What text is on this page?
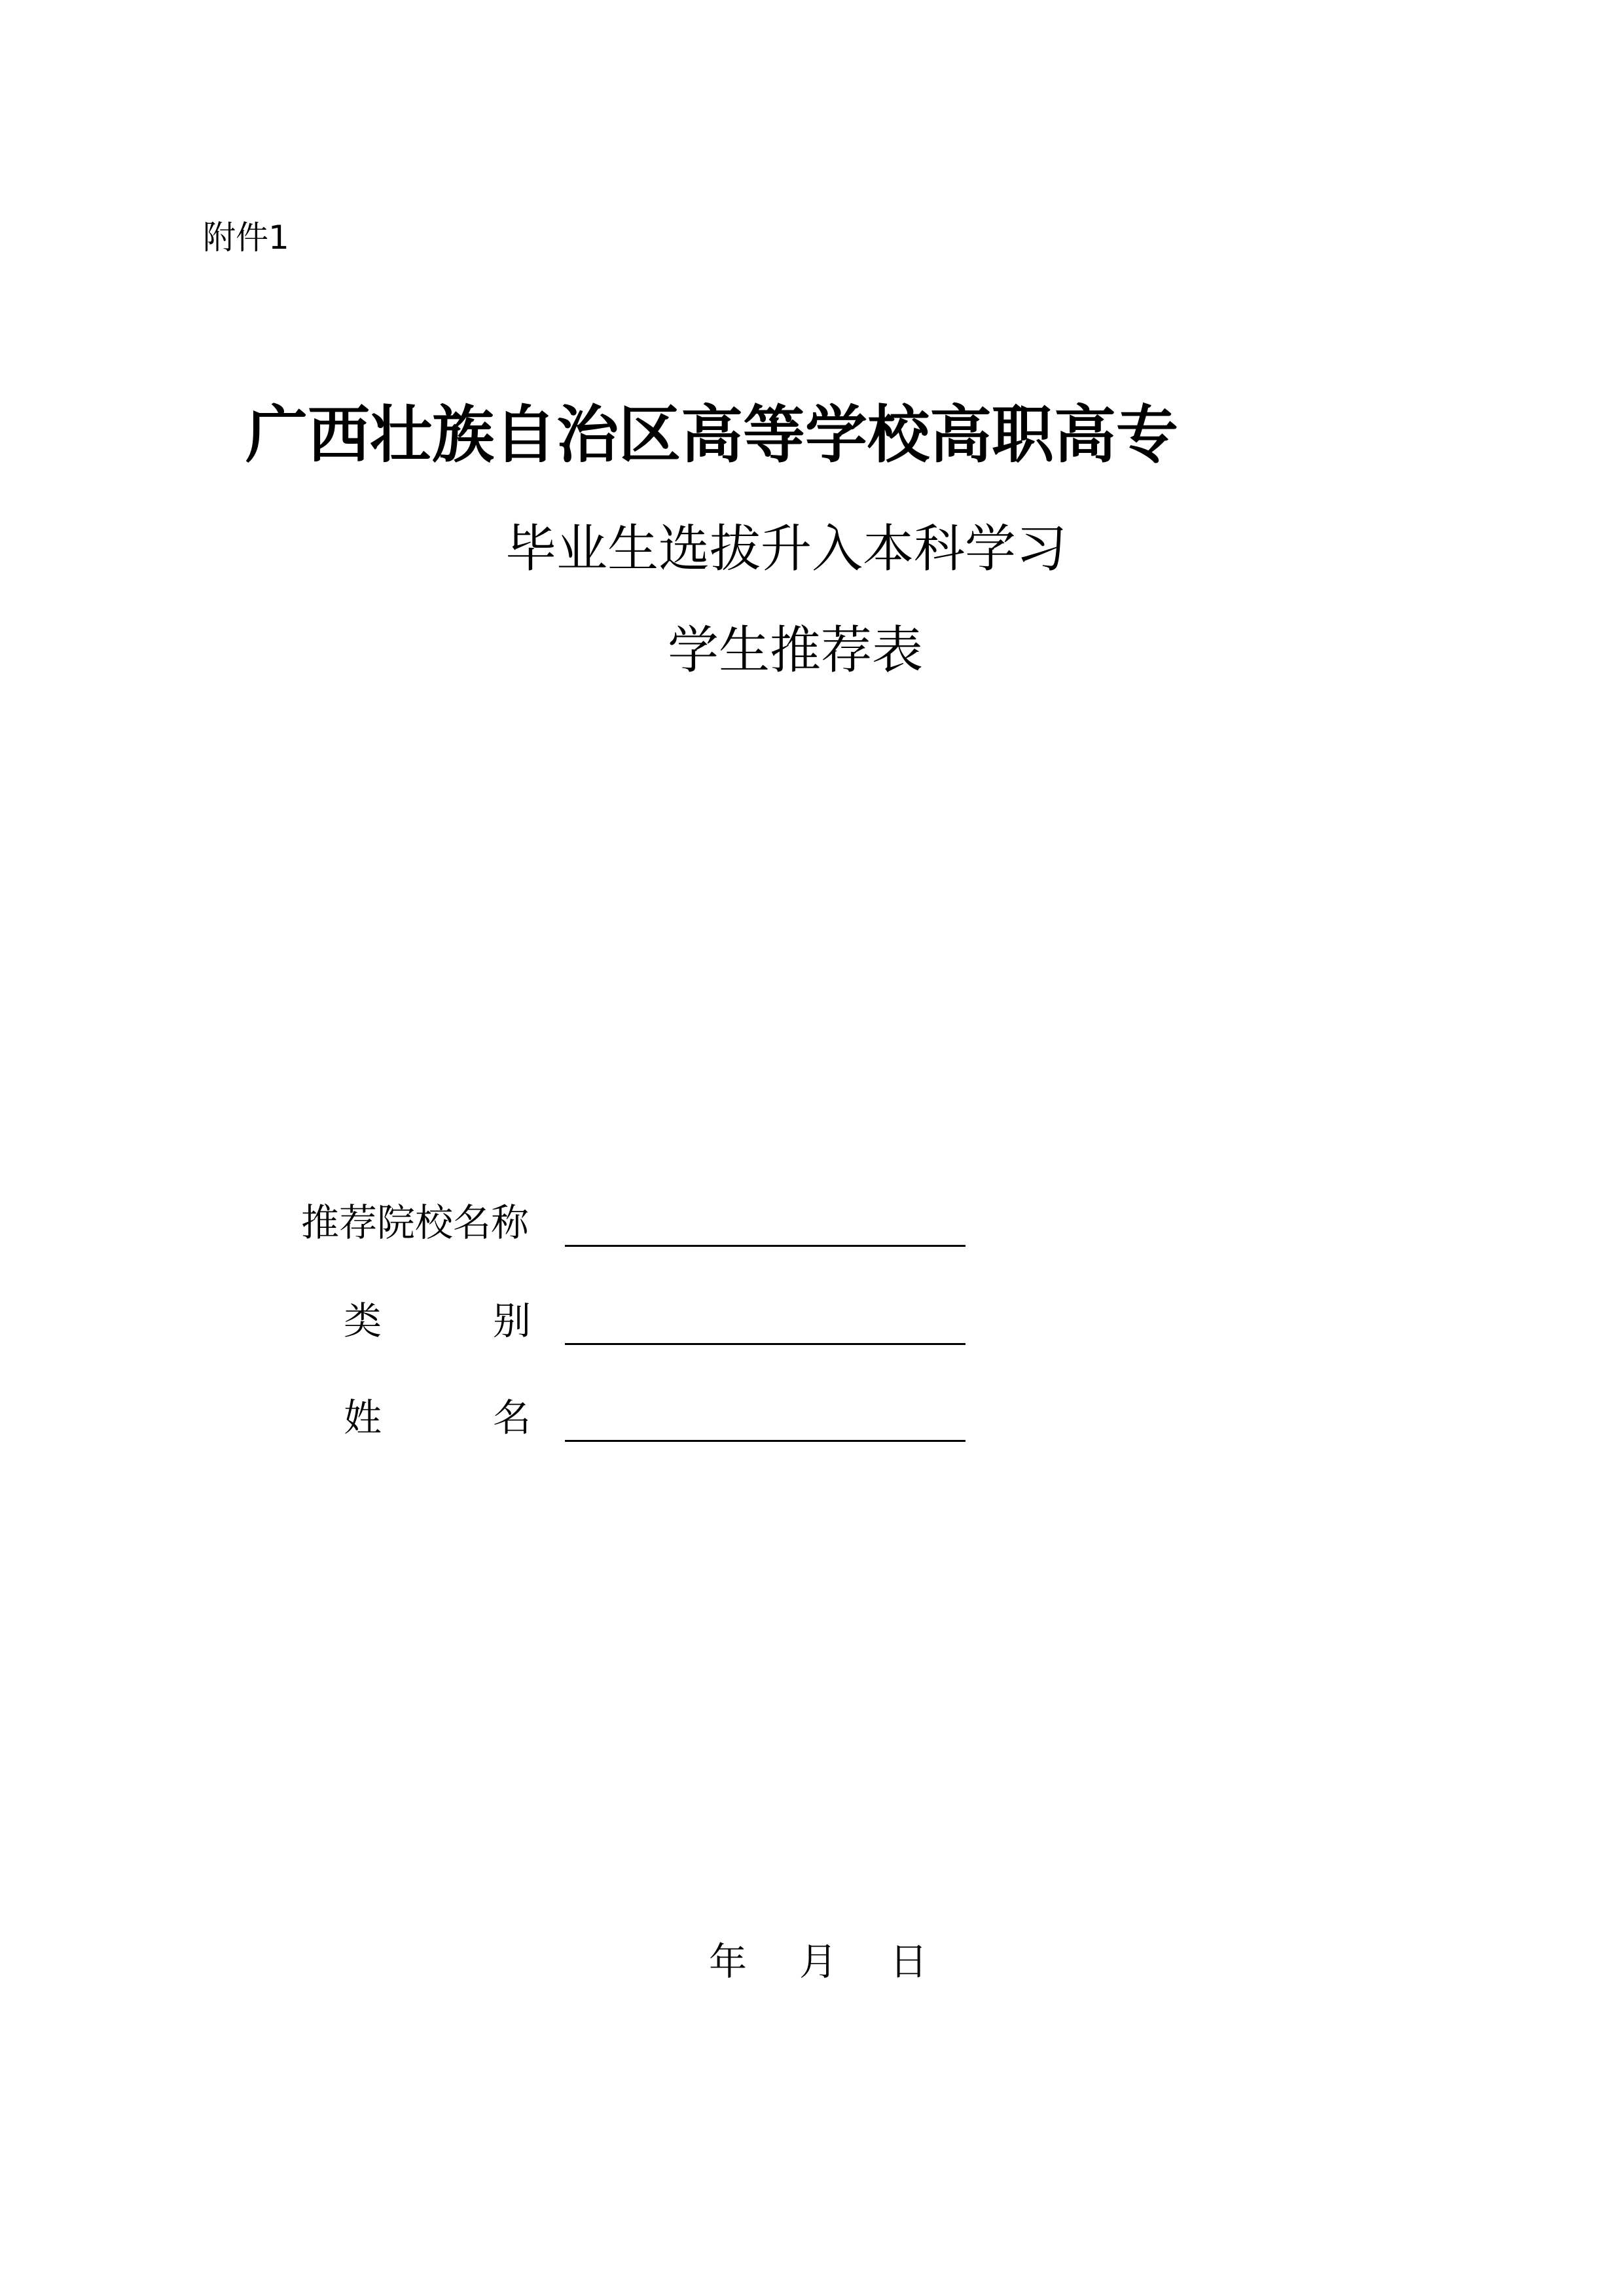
附件1
广西壮族自治区高等学校高职高专
毕业生选拔升入本科学习
学生推荐表
推荐院校名称
类别
姓名
年 月 日
